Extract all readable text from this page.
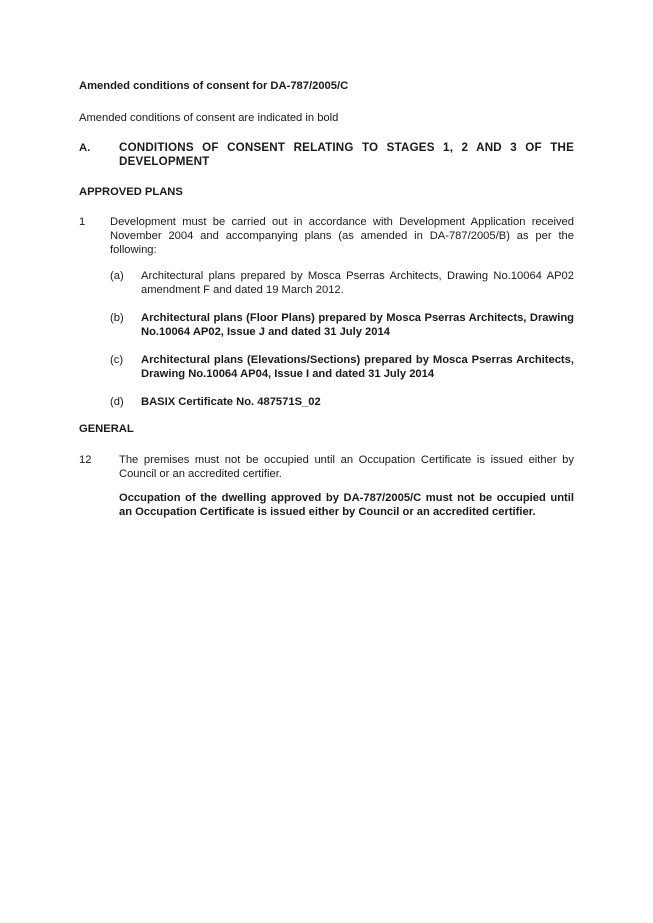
Amended conditions of consent for DA-787/2005/C
Amended conditions of consent are indicated in bold
A. CONDITIONS OF CONSENT RELATING TO STAGES 1, 2 AND 3 OF THE DEVELOPMENT
APPROVED PLANS
1 Development must be carried out in accordance with Development Application received November 2004 and accompanying plans (as amended in DA-787/2005/B) as per the following:
(a) Architectural plans prepared by Mosca Pserras Architects, Drawing No.10064 AP02 amendment F and dated 19 March 2012.
(b) Architectural plans (Floor Plans) prepared by Mosca Pserras Architects, Drawing No.10064 AP02, Issue J and dated 31 July 2014
(c) Architectural plans (Elevations/Sections) prepared by Mosca Pserras Architects, Drawing No.10064 AP04, Issue I and dated 31 July 2014
(d) BASIX Certificate No. 487571S_02
GENERAL
12 The premises must not be occupied until an Occupation Certificate is issued either by Council or an accredited certifier.
Occupation of the dwelling approved by DA-787/2005/C must not be occupied until an Occupation Certificate is issued either by Council or an accredited certifier.
